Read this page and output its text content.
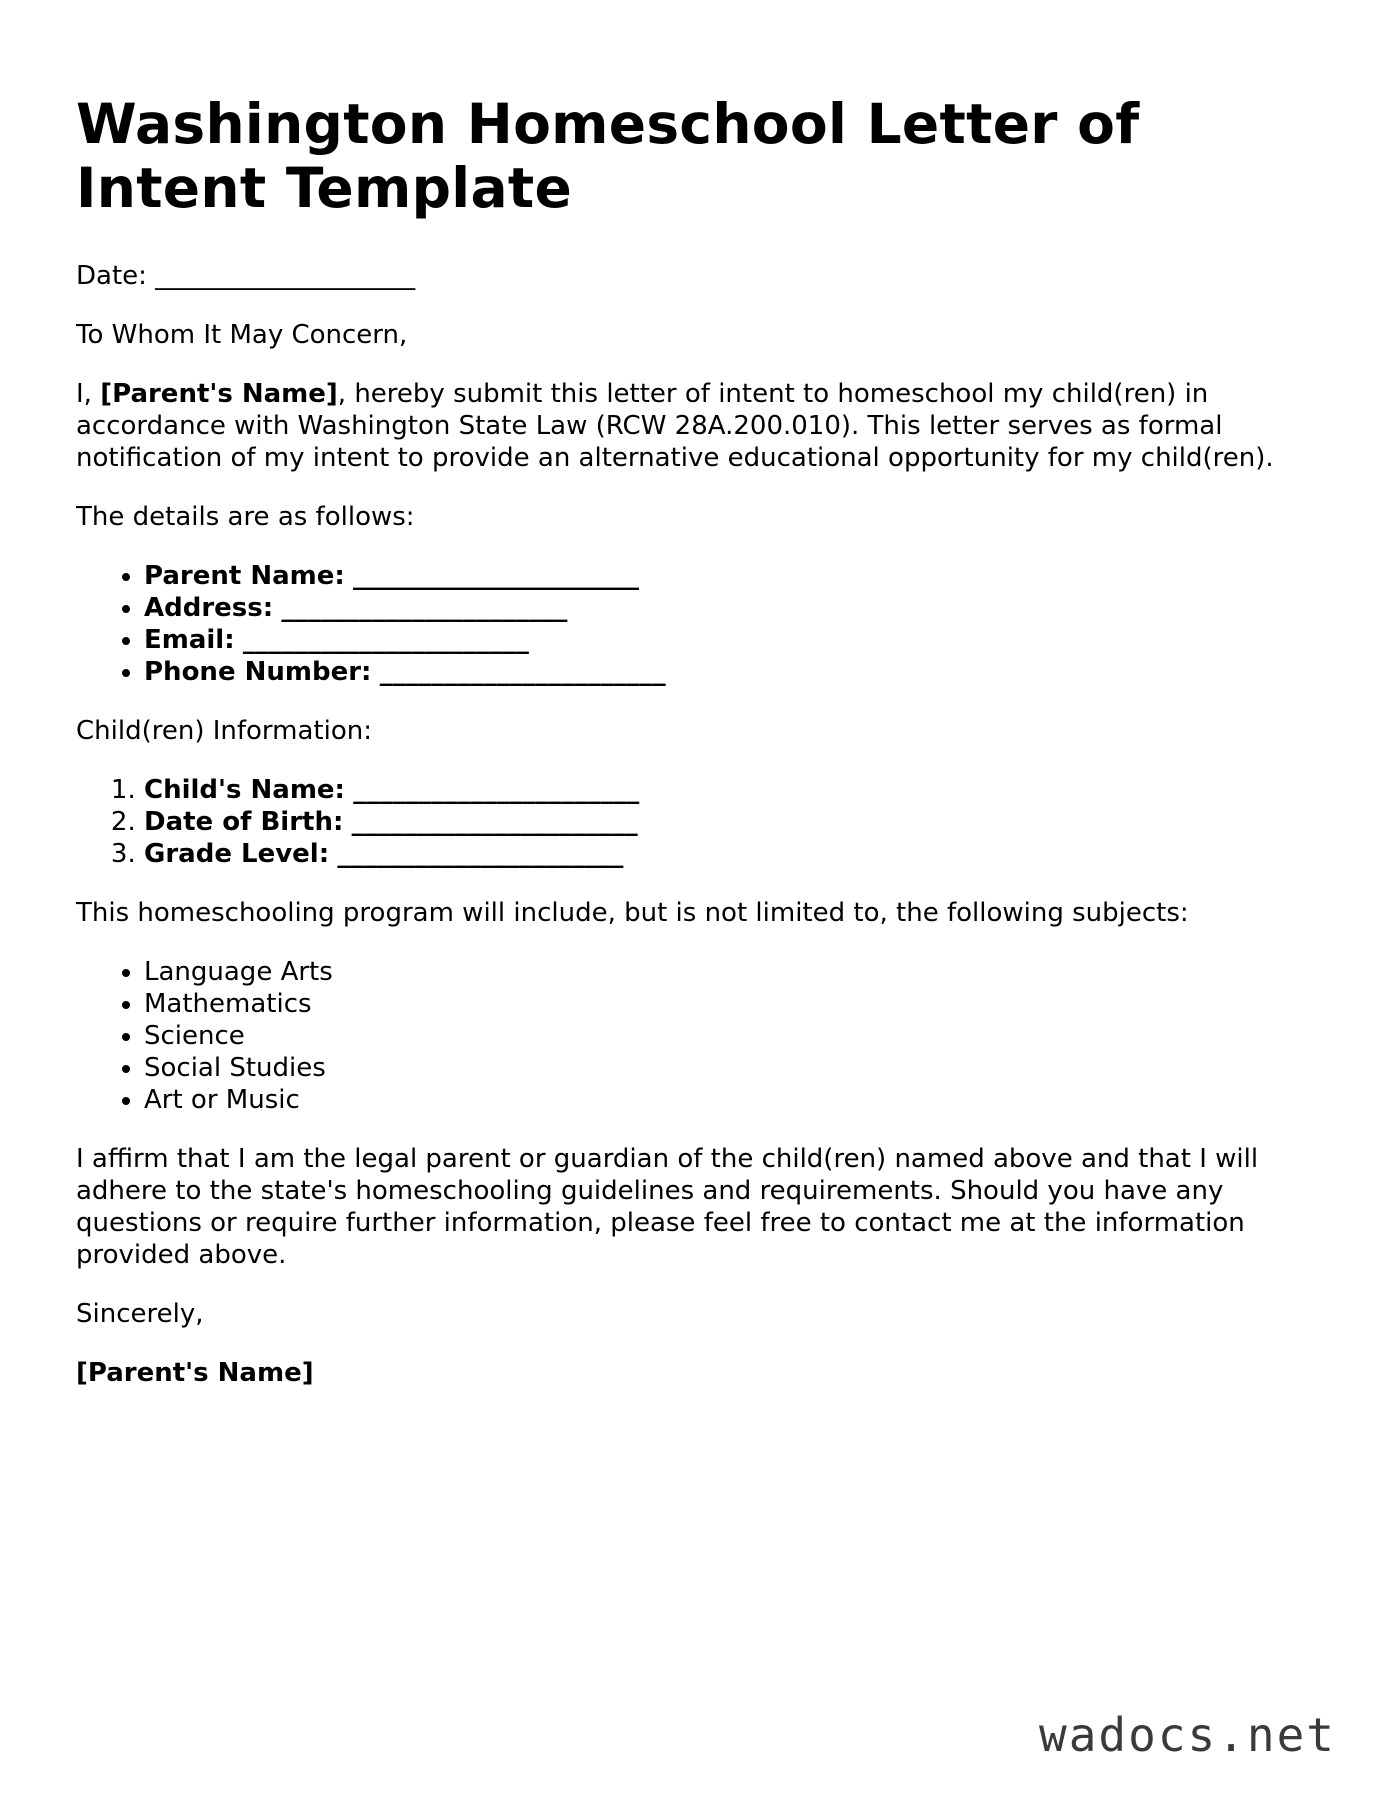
Washington Homeschool Letter of Intent Template

Date: ____________________

To Whom It May Concern,

I, [Parent's Name], hereby submit this letter of intent to homeschool my child(ren) in accordance with Washington State Law (RCW 28A.200.010). This letter serves as formal notification of my intent to provide an alternative educational opportunity for my child(ren).

The details are as follows:

• Parent Name: ______________________
• Address: ______________________
• Email: ______________________
• Phone Number: ______________________

Child(ren) Information:

1. Child's Name: ______________________
2. Date of Birth: ______________________
3. Grade Level: ______________________

This homeschooling program will include, but is not limited to, the following subjects:

• Language Arts
• Mathematics
• Science
• Social Studies
• Art or Music

I affirm that I am the legal parent or guardian of the child(ren) named above and that I will adhere to the state's homeschooling guidelines and requirements. Should you have any questions or require further information, please feel free to contact me at the information provided above.

Sincerely,

[Parent's Name]
wadocs.net
